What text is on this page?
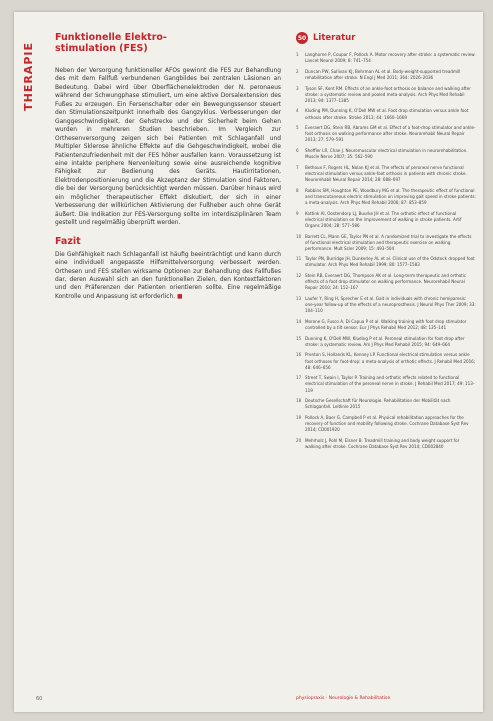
THERAPIE
Funktionelle Elektro-
stimulation (FES)

Neben der Versorgung funktioneller AFOs gewinnt die FES zur Behandlung des mit dem Fallfuß verbundenen Gangbildes bei zentralen Läsionen an Bedeutung. Dabei wird über Oberflächenelektroden der N. peronaeus während der Schwungphase stimuliert, um eine aktive Dorsalextension des Fußes zu erzeugen. Ein Fersenschalter oder ein Bewegungssensor steuert den Stimulationszeitpunkt innerhalb des Gangzyklus. Verbesserungen der Ganggeschwindigkeit, der Gehstrecke und der Sicherheit beim Gehen wurden in mehreren Studien beschrieben. Im Vergleich zur Orthesenversorgung zeigen sich bei Patienten mit Schlaganfall und Multipler Sklerose ähnliche Effekte auf die Gehgeschwindigkeit, wobei die Patientenzufriedenheit mit der FES höher ausfallen kann. Voraussetzung ist eine intakte periphere Nervenleitung sowie eine ausreichende kognitive Fähigkeit zur Bedienung des Geräts. Hautirritationen, Elektrodenpositionierung und die Akzeptanz der Stimulation sind Faktoren, die bei der Versorgung berücksichtigt werden müssen. Darüber hinaus wird ein möglicher therapeutischer Effekt diskutiert, der sich in einer Verbesserung der willkürlichen Aktivierung der Fußheber auch ohne Gerät äußert. Die Indikation zur FES-Versorgung sollte im interdisziplinären Team gestellt und regelmäßig überprüft werden.

Fazit

Die Gehfähigkeit nach Schlaganfall ist häufig beeinträchtigt und kann durch eine individuell angepasste Hilfsmittelversorgung verbessert werden. Orthesen und FES stellen wirksame Optionen zur Behandlung des Fallfußes dar, deren Auswahl sich an den funktionellen Zielen, den Kontextfaktoren und den Präferenzen der Patienten orientieren sollte. Eine regelmäßige Kontrolle und Anpassung ist erforderlich. ■

50 Literatur
1	Langhorne P, Coupar F, Pollock A. Motor recovery after stroke: a systematic review. Lancet Neurol 2009; 8: 741–754
2	Duncan PW, Sullivan KJ, Behrman AL et al. Body-weight-supported treadmill rehabilitation after stroke. N Engl J Med 2011; 364: 2026–2036
3	Tyson SF, Kent RM. Effects of an ankle-foot orthosis on balance and walking after stroke: a systematic review and pooled meta-analysis. Arch Phys Med Rehabil 2013; 94: 1377–1385
4	Kluding PM, Dunning K, O'Dell MW et al. Foot drop stimulation versus ankle foot orthosis after stroke. Stroke 2013; 44: 1660–1669
5	Everaert DG, Stein RB, Abrams GM et al. Effect of a foot-drop stimulator and ankle-foot orthosis on walking performance after stroke. Neurorehabil Neural Repair 2013; 27: 579–591
6	Sheffler LR, Chae J. Neuromuscular electrical stimulation in neurorehabilitation. Muscle Nerve 2007; 35: 562–590
7	Bethoux F, Rogers HL, Nolan KJ et al. The effects of peroneal nerve functional electrical stimulation versus ankle-foot orthosis in patients with chronic stroke. Neurorehabil Neural Repair 2014; 28: 688–697
8	Robbins SM, Houghton PE, Woodbury MG et al. The therapeutic effect of functional and transcutaneous electric stimulation on improving gait speed in stroke patients: a meta-analysis. Arch Phys Med Rehabil 2006; 87: 853–859
9	Kottink AI, Oostendorp LJ, Buurke JH et al. The orthotic effect of functional electrical stimulation on the improvement of walking in stroke patients. Artif Organs 2004; 28: 577–586
10 Barrett CL, Mann GE, Taylor PN et al. A randomized trial to investigate the effects of functional electrical stimulation and therapeutic exercise on walking performance. Mult Scler 2009; 15: 493–504
11 Taylor PN, Burridge JH, Dunkerley AL et al. Clinical use of the Odstock dropped foot stimulator. Arch Phys Med Rehabil 1999; 80: 1577–1583
12 Stein RB, Everaert DG, Thompson AK et al. Long-term therapeutic and orthotic effects of a foot drop stimulator on walking performance. Neurorehabil Neural Repair 2010; 24: 152–167
13 Laufer Y, Ring H, Sprecher E et al. Gait in individuals with chronic hemiparesis: one-year follow-up of the effects of a neuroprosthesis. J Neurol Phys Ther 2009; 33: 104–110
14 Morone G, Fusco A, Di Capua P et al. Walking training with foot drop stimulator controlled by a tilt sensor. Eur J Phys Rehabil Med 2012; 48: 135–141
15 Dunning K, O'Dell MW, Kluding P et al. Peroneal stimulation for foot drop after stroke: a systematic review. Am J Phys Med Rehabil 2015; 94: 649–664
16 Prenton S, Hollands KL, Kenney LP. Functional electrical stimulation versus ankle foot orthoses for foot-drop: a meta-analysis of orthotic effects. J Rehabil Med 2016; 48: 646–656
17 Street T, Swain I, Taylor P. Training and orthotic effects related to functional electrical stimulation of the peroneal nerve in stroke. J Rehabil Med 2017; 49: 113–119
18 Deutsche Gesellschaft für Neurologie. Rehabilitation der Mobilität nach Schlaganfall. Leitlinie 2015
19 Pollock A, Baer G, Campbell P et al. Physical rehabilitation approaches for the recovery of function and mobility following stroke. Cochrane Database Syst Rev 2014; CD001920
20 Mehrholz J, Pohl M, Elsner B. Treadmill training and body weight support for walking after stroke. Cochrane Database Syst Rev 2014; CD002840
60	physiopraxis · Neurologie & Rehabilitation
